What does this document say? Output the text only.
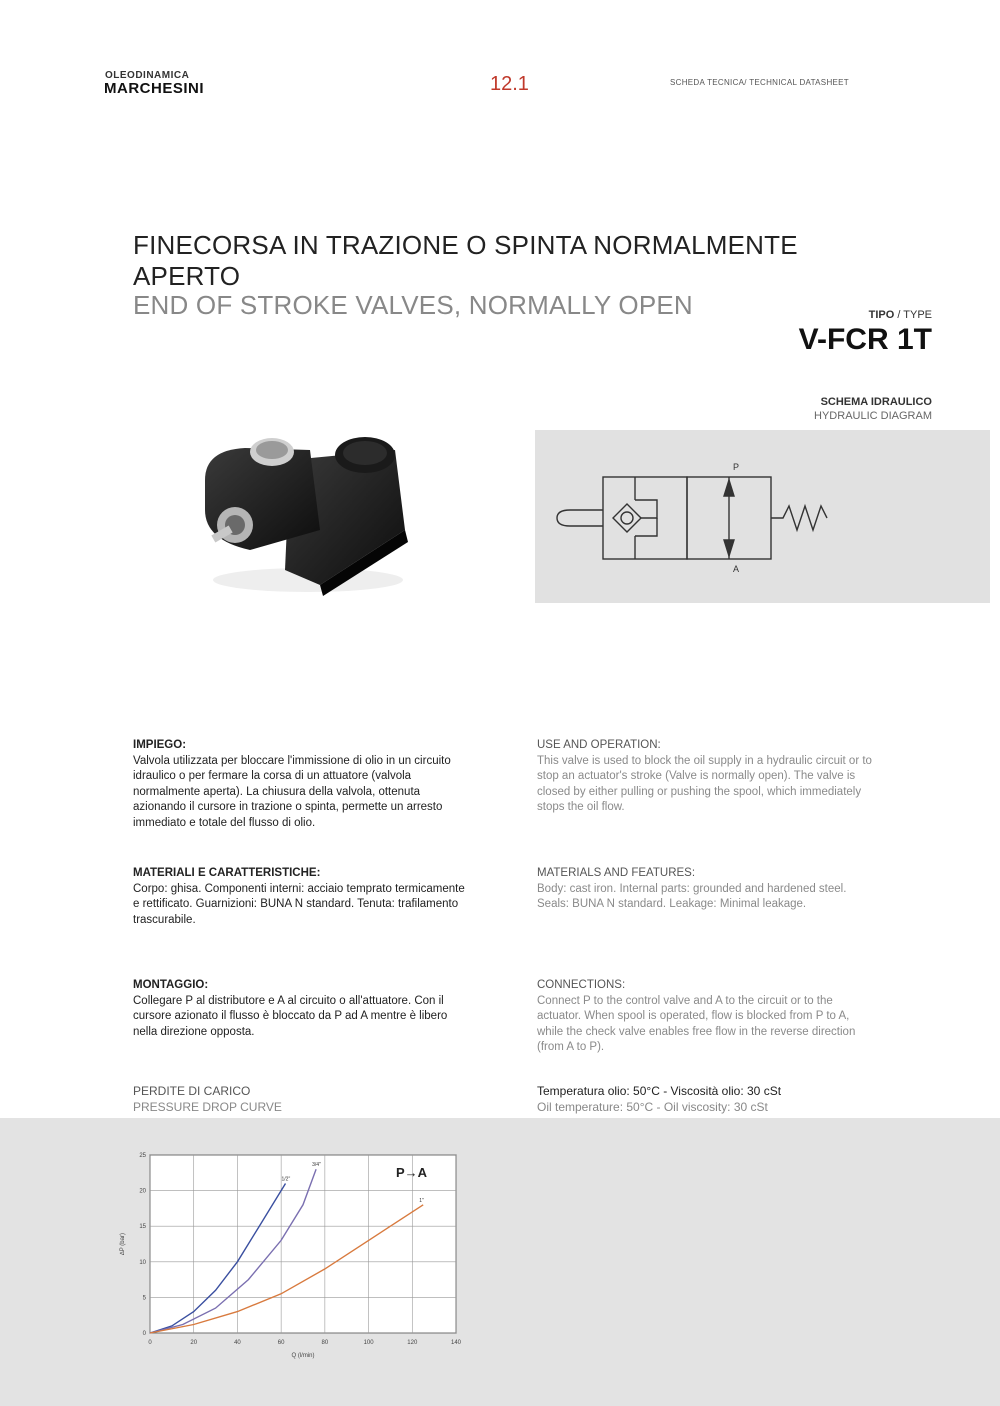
OLEODINAMICA
MARCHESINI	12.1	SCHEDA TECNICA/ TECHNICAL DATASHEET
FINECORSA IN TRAZIONE O SPINTA NORMALMENTE APERTO
END OF STROKE VALVES, NORMALLY OPEN	TIPO / TYPE
V-FCR 1T
SCHEMA IDRAULICO
HYDRAULIC DIAGRAM
P
A
IMPIEGO:
Valvola utilizzata per bloccare l'immissione di olio in un circuito idraulico o per fermare la corsa di un attuatore (valvola normalmente aperta). La chiusura della valvola, ottenuta azionando il cursore in trazione o spinta, permette un arresto immediato e totale del flusso di olio.
MATERIALI E CARATTERISTICHE:
Corpo: ghisa. Componenti interni: acciaio temprato termicamente e rettificato. Guarnizioni: BUNA N standard. Tenuta: trafilamento trascurabile.
MONTAGGIO:
Collegare P al distributore e A al circuito o all'attuatore. Con il cursore azionato il flusso è bloccato da P ad A mentre è libero nella direzione opposta.
USE AND OPERATION:
This valve is used to block the oil supply in a hydraulic circuit or to stop an actuator's stroke (Valve is normally open). The valve is closed by either pulling or pushing the spool, which immediately stops the oil flow.
MATERIALS AND FEATURES:
Body: cast iron. Internal parts: grounded and hardened steel. Seals: BUNA N standard. Leakage: Minimal leakage.
CONNECTIONS:
Connect P to the control valve and A to the circuit or to the actuator. When spool is operated, flow is blocked from P to A, while the check valve enables free flow in the reverse direction (from A to P).
PERDITE DI CARICO
PRESSURE DROP CURVE
Temperatura olio: 50°C - Viscosità olio: 30 cSt
Oil temperature: 50°C - Oil viscosity: 30 cSt
0	20	40	60	80	100	120	140
0
5
10
15
20
25
Q (l/min)
∆P (bar)
P→A
1/2"
3/4"
1"
